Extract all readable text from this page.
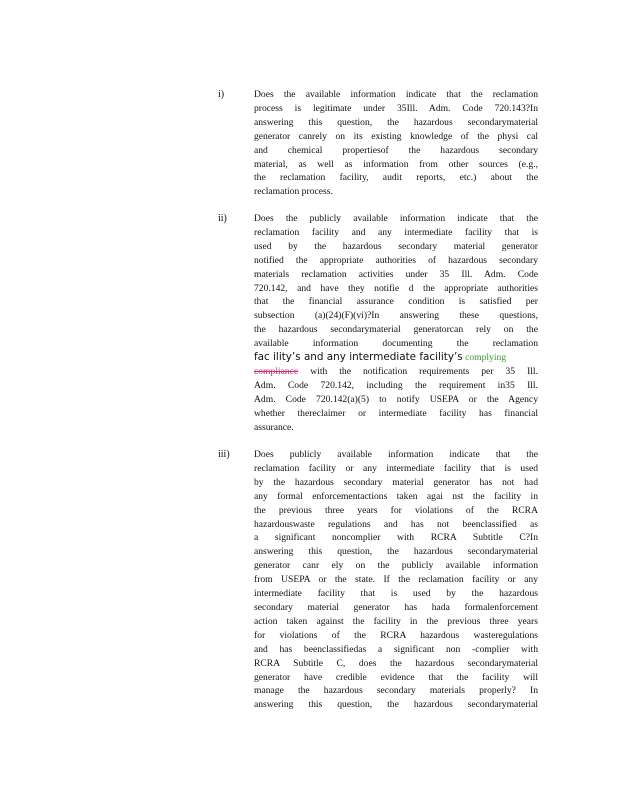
i)	Does the available information indicate that the reclamation
process is legitimate under 35Ill. Adm. Code 720.143?In
answering this question, the hazardous secondarymaterial
generator canrely on its existing knowledge of the physi cal
and chemical propertiesof the hazardous secondary
material, as well as information from other sources (e.g.,
the reclamation facility, audit reports, etc.) about the
reclamation process.
ii)	Does the publicly available information indicate that the
reclamation facility and any intermediate facility that is
used by the hazardous secondary material generator
notified the appropriate authorities of hazardous secondary
materials reclamation activities under 35 Ill. Adm. Code
720.142, and have they notifie d the appropriate authorities
that the financial assurance condition is satisfied per
subsection (a)(24)(F)(vi)?In answering these questions,
the hazardous secondarymaterial generatorcan rely on the
available information documenting the reclamation
fac ility’s and any intermediate facility’s complying
compliance with the notification requirements per 35 Ill.
Adm. Code 720.142, including the requirement in35 Ill.
Adm. Code 720.142(a)(5) to notify USEPA or the Agency
whether thereclaimer or intermediate facility has financial
assurance.
iii)	Does publicly available information indicate that the
reclamation facility or any intermediate facility that is used
by the hazardous secondary material generator has not had
any formal enforcementactions taken agai nst the facility in
the previous three years for violations of the RCRA
hazardouswaste regulations and has not beenclassified as
a significant noncomplier with RCRA Subtitle C?In
answering this question, the hazardous secondarymaterial
generator canr ely on the publicly available information
from USEPA or the state. If the reclamation facility or any
intermediate facility that is used by the hazardous
secondary material generator has hada formalenforcement
action taken against the facility in the previous three years
for violations of the RCRA hazardous wasteregulations
and has beenclassifiedas a significant non -complier with
RCRA Subtitle C, does the hazardous secondarymaterial
generator have credible evidence that the facility will
manage the hazardous secondary materials properly? In
answering this question, the hazardous secondarymaterial
